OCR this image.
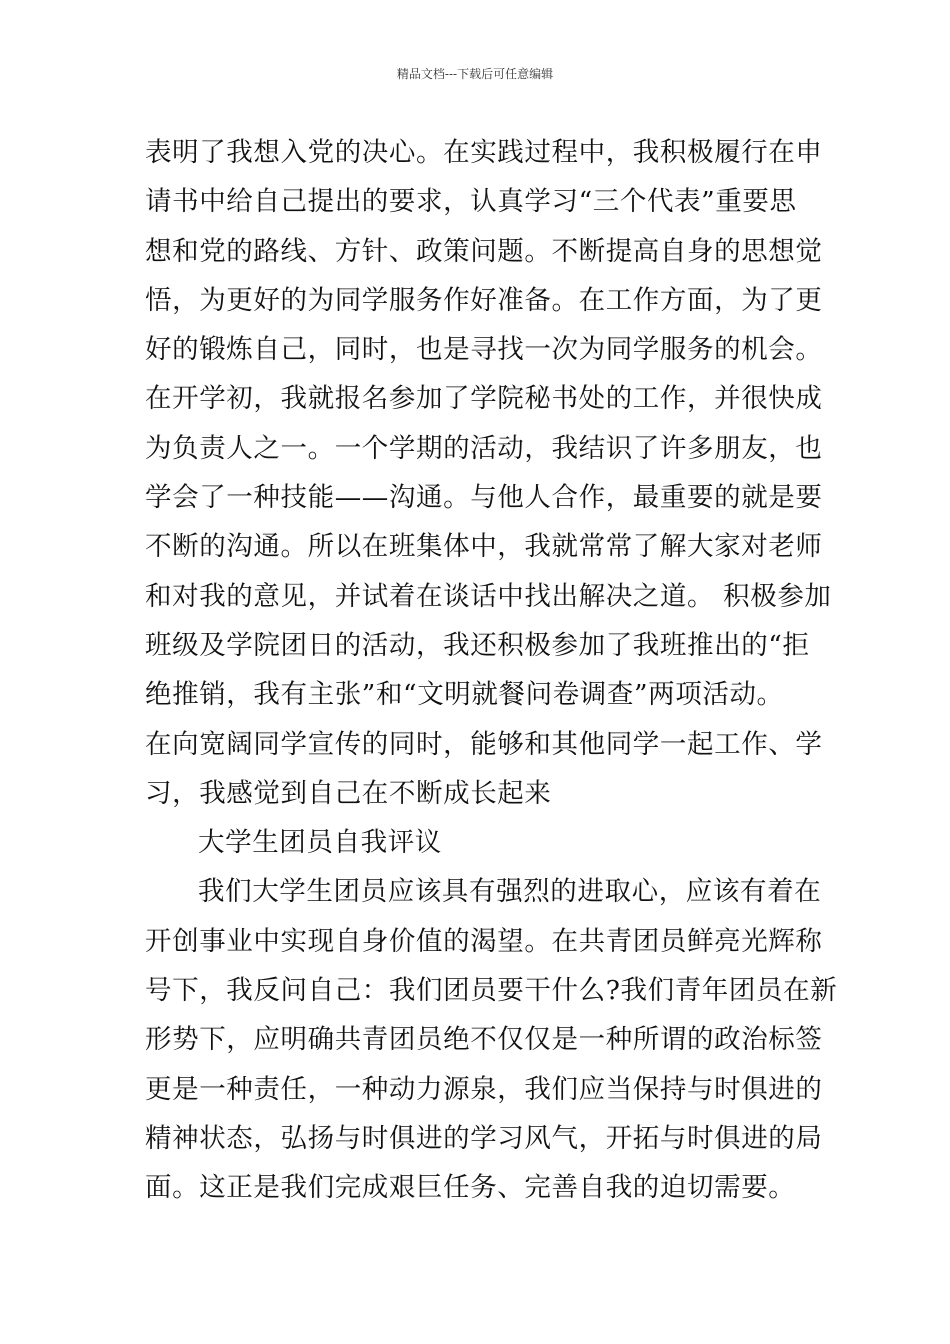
精品文档---下载后可任意编辑
表明了我想入党的决心。在实践过程中，我积极履行在申
请书中给自己提出的要求，认真学习“三个代表”重要思
想和党的路线、方针、政策问题。不断提高自身的思想觉
悟，为更好的为同学服务作好准备。在工作方面，为了更
好的锻炼自己，同时，也是寻找一次为同学服务的机会。
在开学初，我就报名参加了学院秘书处的工作，并很快成
为负责人之一。一个学期的活动，我结识了许多朋友，也
学会了一种技能——沟通。与他人合作，最重要的就是要
不断的沟通。所以在班集体中，我就常常了解大家对老师
和对我的意见，并试着在谈话中找出解决之道。 积极参加
班级及学院团日的活动，我还积极参加了我班推出的“拒
绝推销，我有主张”和“文明就餐问卷调查”两项活动。
在向宽阔同学宣传的同时，能够和其他同学一起工作、学
习，我感觉到自己在不断成长起来
大学生团员自我评议
我们大学生团员应该具有强烈的进取心，应该有着在
开创事业中实现自身价值的渴望。在共青团员鲜亮光辉称
号下，我反问自己：我们团员要干什么?我们青年团员在新
形势下，应明确共青团员绝不仅仅是一种所谓的政治标签
更是一种责任，一种动力源泉，我们应当保持与时俱进的
精神状态，弘扬与时俱进的学习风气，开拓与时俱进的局
面。这正是我们完成艰巨任务、完善自我的迫切需要。
